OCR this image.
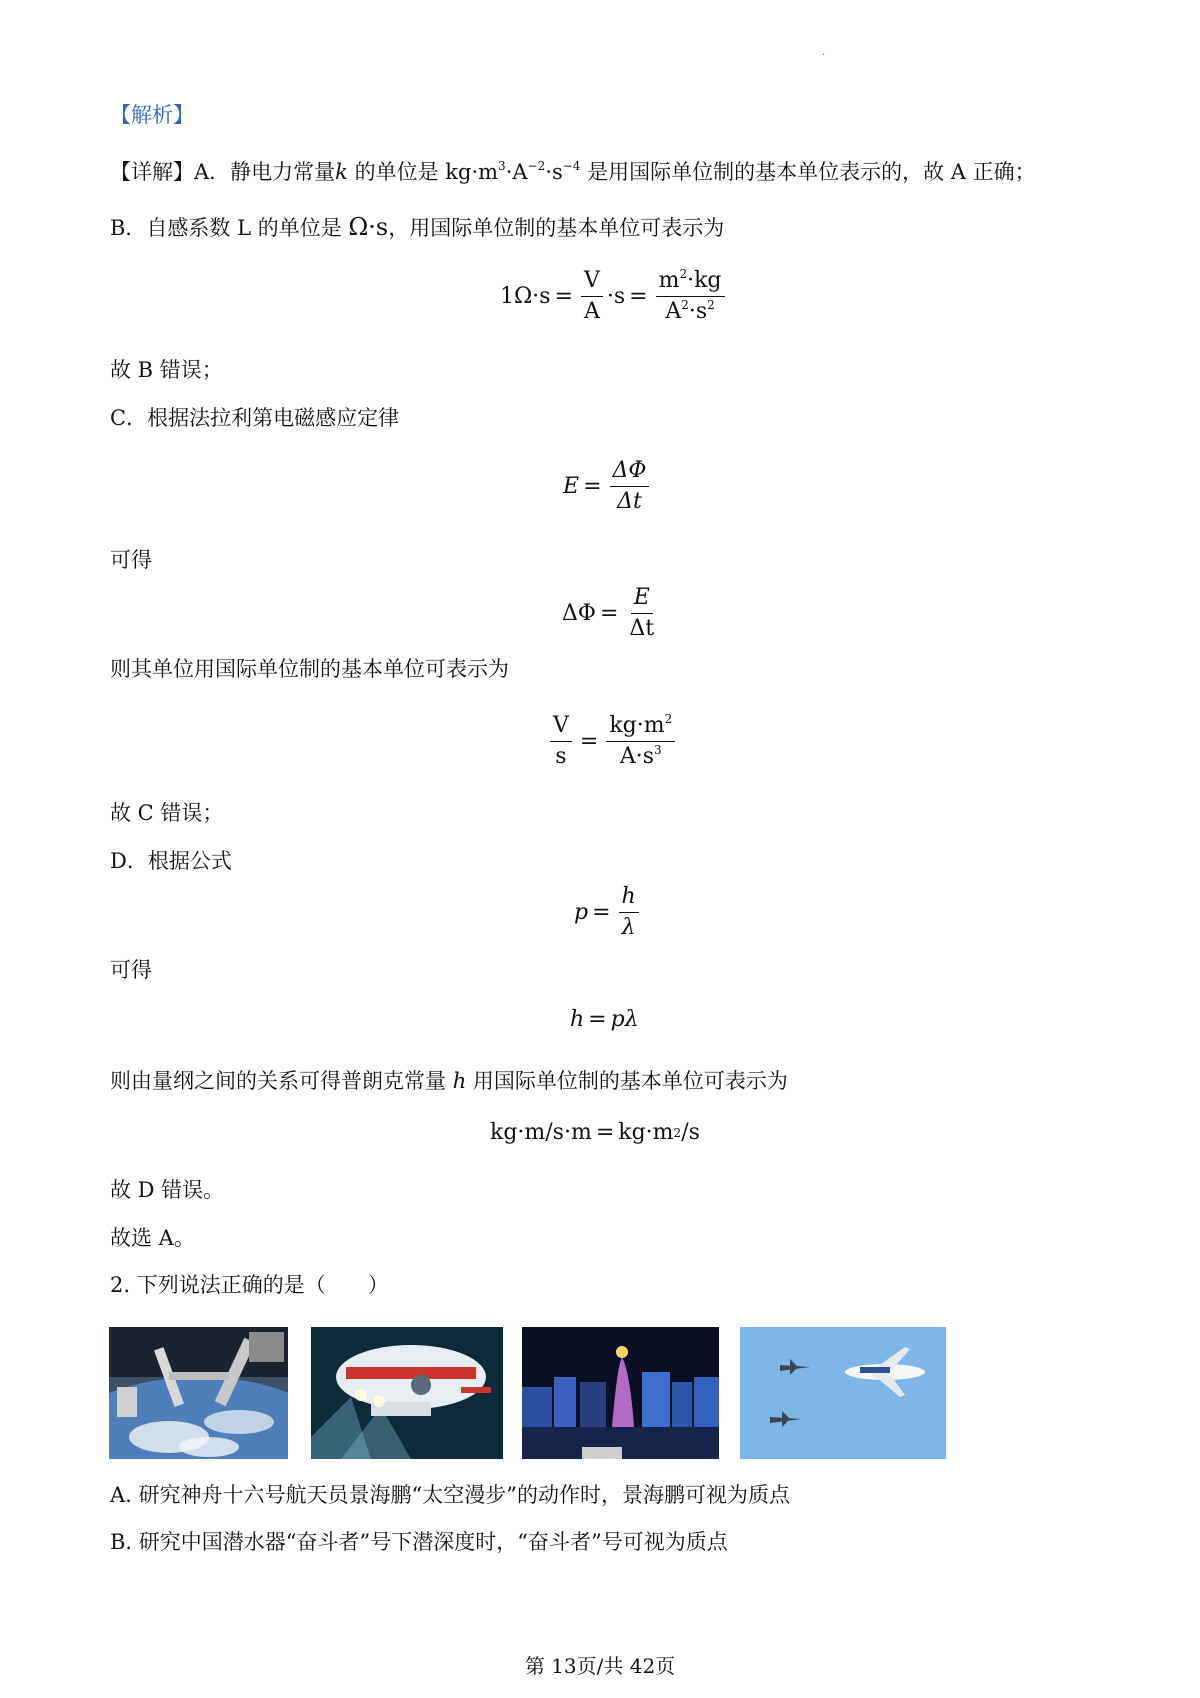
·
【解析】
【详解】A．静电力常量k 的单位是 $kg\cdot m^3\cdot A^{-2}\cdot s^{-4}$ 是用国际单位制的基本单位表示的，故 A 正确；
B．自感系数 L 的单位是 Ω·s，用国际单位制的基本单位可表示为
$1\Omega\cdot s = \frac{V}{A} \cdot s = \frac{m^2\cdot kg}{A^2\cdot s^2}$
故 B 错误；
C．根据法拉利第电磁感应定律
$E = \frac{\Delta\Phi}{\Delta t}$
可得
$\Delta\Phi = \frac{E}{\Delta t}$
则其单位用国际单位制的基本单位可表示为
$\frac{V}{s} = \frac{kg\cdot m^2}{A\cdot s^3}$
故 C 错误；
D．根据公式
$p = \frac{h}{\lambda}$
可得
h = pλ
则由量纲之间的关系可得普朗克常量 h 用国际单位制的基本单位可表示为
kg·m/s·m = kg·m 2 /s
故 D 错误。
故选 A。
2. 下列说法正确的是（　　）
A. 研究神舟十六号航天员景海鹏“太空漫步”的动作时，景海鹏可视为质点
B. 研究中国潜水器“奋斗者”号下潜深度时，“奋斗者”号可视为质点
第 13页/共 42页
